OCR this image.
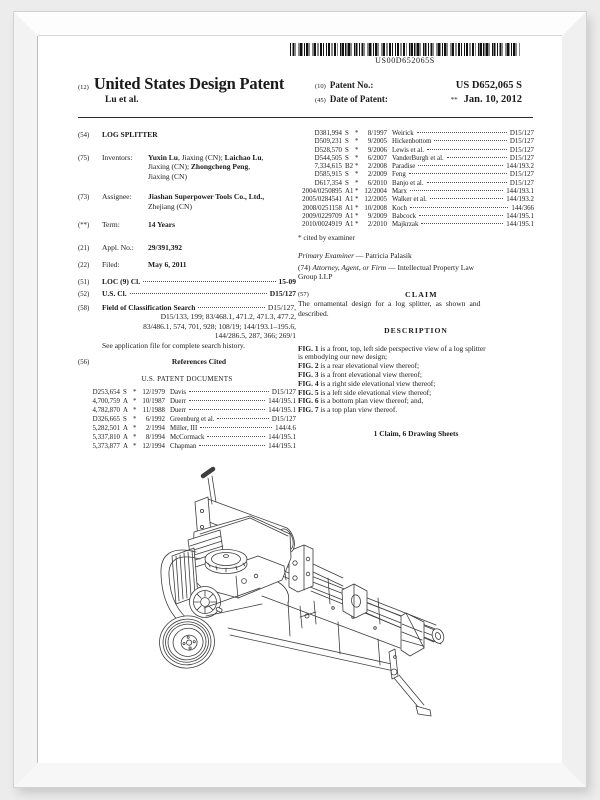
US00D652065S
(12) United States Design Patent
Lu et al.
(10) Patent No.:	US D652,065 S
(45) Date of Patent:	** Jan. 10, 2012
(54)	LOG SPLITTER
(75)	Inventors:	Yuxin Lu, Jiaxing (CN); Laichao Lu,
Jiaxing (CN); Zhongcheng Peng,
Jiaxing (CN)
(73)	Assignee:	Jiashan Superpower Tools Co., Ltd.,
Zhejiang (CN)
(**)	Term:	14 Years
(21)	Appl. No.:	29/391,392
(22)	Filed:	May 6, 2011
(51)	LOC (9) Cl.	15-09
(52)	U.S. Cl.	D15/127
(58)	Field of Classification Search	D15/127,
D15/133, 199; 83/468.1, 471.2, 471.3, 477.2,
83/486.1, 574, 701, 928; 108/19; 144/193.1–195.6,
144/286.5, 287, 366; 269/1
See application file for complete search history.
(56)	References Cited
U.S. PATENT DOCUMENTS
D253,654 S * 12/1979 Davis	D15/127
4,700,759 A * 10/1987 Duerr	144/195.1
4,782,870 A * 11/1988 Duerr	144/195.1
D326,665 S *	6/1992 Greenburg et al.	D15/127
5,282,501 A *	2/1994 Miller, III	144/4.6
5,337,810 A *	8/1994 McCormack	144/195.1
5,373,877 A * 12/1994 Chapman	144/195.1
D381,994 S *	8/1997 Weirick	D15/127
D509,231 S *	9/2005 Hickenbottom	D15/127
D528,570 S *	9/2006 Lewis et al.	D15/127
D544,505 S *	6/2007 VanderBurgh et al.	D15/127
7,334,615 B2 *	2/2008 Paradise	144/193.2
D585,915 S *	2/2009 Feng	D15/127
D617,354 S *	6/2010 Banjo et al.	D15/127
2004/0250895 A1 * 12/2004 Marx	144/193.1
2005/0284541 A1 * 12/2005 Walker et al.	144/193.2
2008/0251158 A1 * 10/2008 Koch	144/366
2009/0229709 A1 *	9/2009 Babcock	144/195.1
2010/0024919 A1 *	2/2010 Majkrzak	144/195.1
* cited by examiner
Primary Examiner — Patricia Palasik
(74) Attorney, Agent, or Firm — Intellectual Property Law
Group LLP
(57)	CLAIM
The ornamental design for a log splitter, as shown and
described.
DESCRIPTION
FIG. 1 is a front, top, left side perspective view of a log splitter
is embodying our new design;
FIG. 2 is a rear elevational view thereof;
FIG. 3 is a front elevational view thereof;
FIG. 4 is a right side elevational view thereof;
FIG. 5 is a left side elevational view thereof;
FIG. 6 is a bottom plan view thereof; and,
FIG. 7 is a top plan view thereof.
1 Claim, 6 Drawing Sheets
